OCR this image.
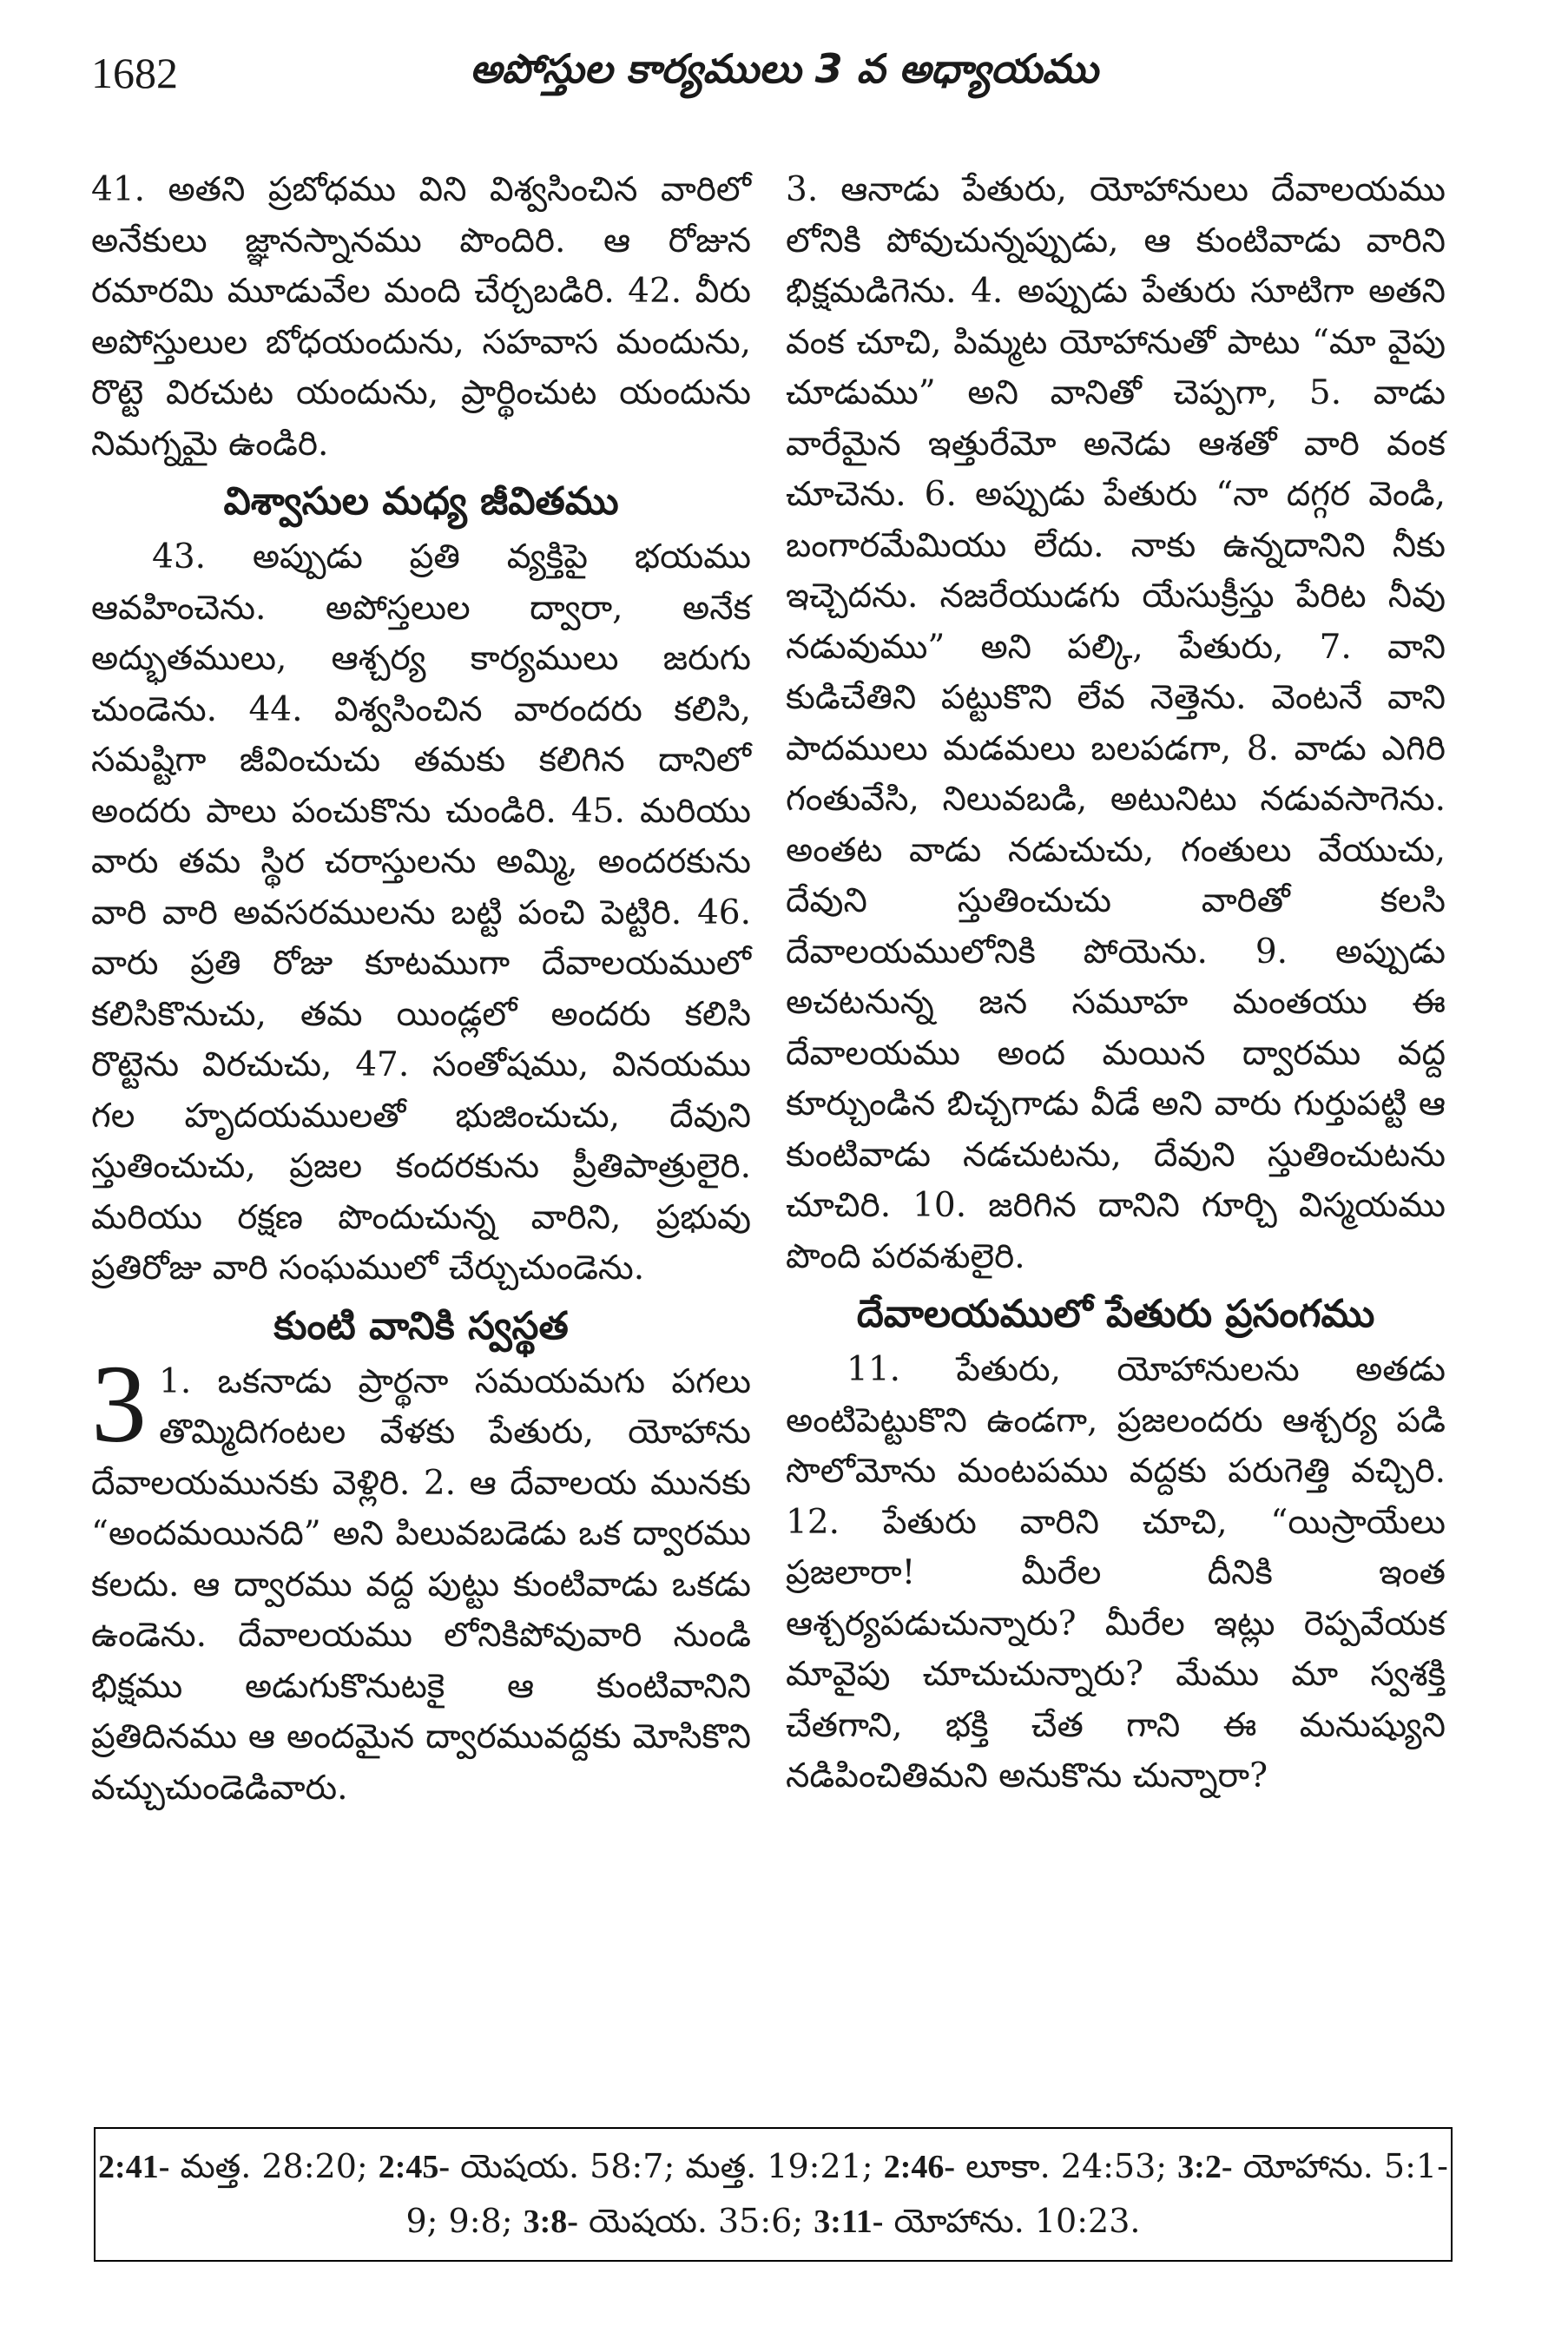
1682	అపోస్తుల కార్యములు 3 వ అధ్యాయము

41. అతని ప్రబోధము విని విశ్వసించిన వారిలో అనేకులు జ్ఞానస్నానము పొందిరి. ఆ రోజున రమారమి మూడువేల మంది చేర్చబడిరి. 42. వీరు అపోస్తులుల బోధయందును, సహవాస మందును, రొట్టె విరచుట యందును, ప్రార్థించుట యందును నిమగ్నమై ఉండిరి.

విశ్వాసుల మధ్య జీవితము

43. అప్పుడు ప్రతి వ్యక్తిపై భయము ఆవహించెను. అపోస్తలుల ద్వారా, అనేక అద్భుతములు, ఆశ్చర్య కార్యములు జరుగు చుండెను. 44. విశ్వసించిన వారందరు కలిసి, సమష్టిగా జీవించుచు తమకు కలిగిన దానిలో అందరు పాలు పంచుకొను చుండిరి. 45. మరియు వారు తమ స్థిర చరాస్తులను అమ్మి, అందరకును వారి వారి అవసరములను బట్టి పంచి పెట్టిరి. 46. వారు ప్రతి రోజు కూటముగా దేవాలయములో కలిసికొనుచు, తమ యిండ్లలో అందరు కలిసి రొట్టెను విరచుచు, 47. సంతోషము, వినయము గల హృదయములతో భుజించుచు, దేవుని స్తుతించుచు, ప్రజల కందరకును ప్రీతిపాత్రులైరి. మరియు రక్షణ పొందుచున్న వారిని, ప్రభువు ప్రతిరోజు వారి సంఘములో చేర్చుచుండెను.

కుంటి వానికి స్వస్థత

3 1. ఒకనాడు ప్రార్థనా సమయమగు పగలు తొమ్మిదిగంటల వేళకు పేతురు, యోహాను దేవాలయమునకు వెళ్లిరి. 2. ఆ దేవాలయ మునకు “అందమయినది” అని పిలువబడెడు ఒక ద్వారము కలదు. ఆ ద్వారము వద్ద పుట్టు కుంటివాడు ఒకడు ఉండెను. దేవాలయము లోనికిపోవువారి నుండి భిక్షము అడుగుకొనుటకై ఆ కుంటివానిని ప్రతిదినము ఆ అందమైన ద్వారమువద్దకు మోసికొని వచ్చుచుండెడివారు.

3. ఆనాడు పేతురు, యోహానులు దేవాలయము లోనికి పోవుచున్నప్పుడు, ఆ కుంటివాడు వారిని భిక్షమడిగెను. 4. అప్పుడు పేతురు సూటిగా అతని వంక చూచి, పిమ్మట యోహానుతో పాటు “మా వైపు చూడుము” అని వానితో చెప్పగా, 5. వాడు వారేమైన ఇత్తురేమో అనెడు ఆశతో వారి వంక చూచెను. 6. అప్పుడు పేతురు “నా దగ్గర వెండి, బంగారమేమియు లేదు. నాకు ఉన్నదానిని నీకు ఇచ్చెదను. నజరేయుడగు యేసుక్రీస్తు పేరిట నీవు నడువుము” అని పల్కి, పేతురు, 7. వాని కుడిచేతిని పట్టుకొని లేవ నెత్తెను. వెంటనే వాని పాదములు మడమలు బలపడగా, 8. వాడు ఎగిరి గంతువేసి, నిలువబడి, అటునిటు నడువసాగెను. అంతట వాడు నడుచుచు, గంతులు వేయుచు, దేవుని స్తుతించుచు వారితో కలసి దేవాలయములోనికి పోయెను. 9. అప్పుడు అచటనున్న జన సమూహ మంతయు ఈ దేవాలయము అంద మయిన ద్వారము వద్ద కూర్చుండిన బిచ్చగాడు వీడే అని వారు గుర్తుపట్టి ఆ కుంటివాడు నడచుటను, దేవుని స్తుతించుటను చూచిరి. 10. జరిగిన దానిని గూర్చి విస్మయము పొంది పరవశులైరి.

దేవాలయములో పేతురు ప్రసంగము

11. పేతురు, యోహానులను అతడు అంటిపెట్టుకొని ఉండగా, ప్రజలందరు ఆశ్చర్య పడి సొలోమోను మంటపము వద్దకు పరుగెత్తి వచ్చిరి. 12. పేతురు వారిని చూచి, “యిస్రాయేలు ప్రజలారా! మీరేల దీనికి ఇంత ఆశ్చర్యపడుచున్నారు? మీరేల ఇట్లు రెప్పవేయక మావైపు చూచుచున్నారు? మేము మా స్వశక్తి చేతగాని, భక్తి చేత గాని ఈ మనుష్యుని నడిపించితిమని అనుకొను చున్నారా?

2:41- మత్త. 28:20; 2:45- యెషయ. 58:7; మత్త. 19:21; 2:46- లూకా. 24:53; 3:2- యోహాను. 5:1-9; 9:8; 3:8- యెషయ. 35:6; 3:11- యోహాను. 10:23.
